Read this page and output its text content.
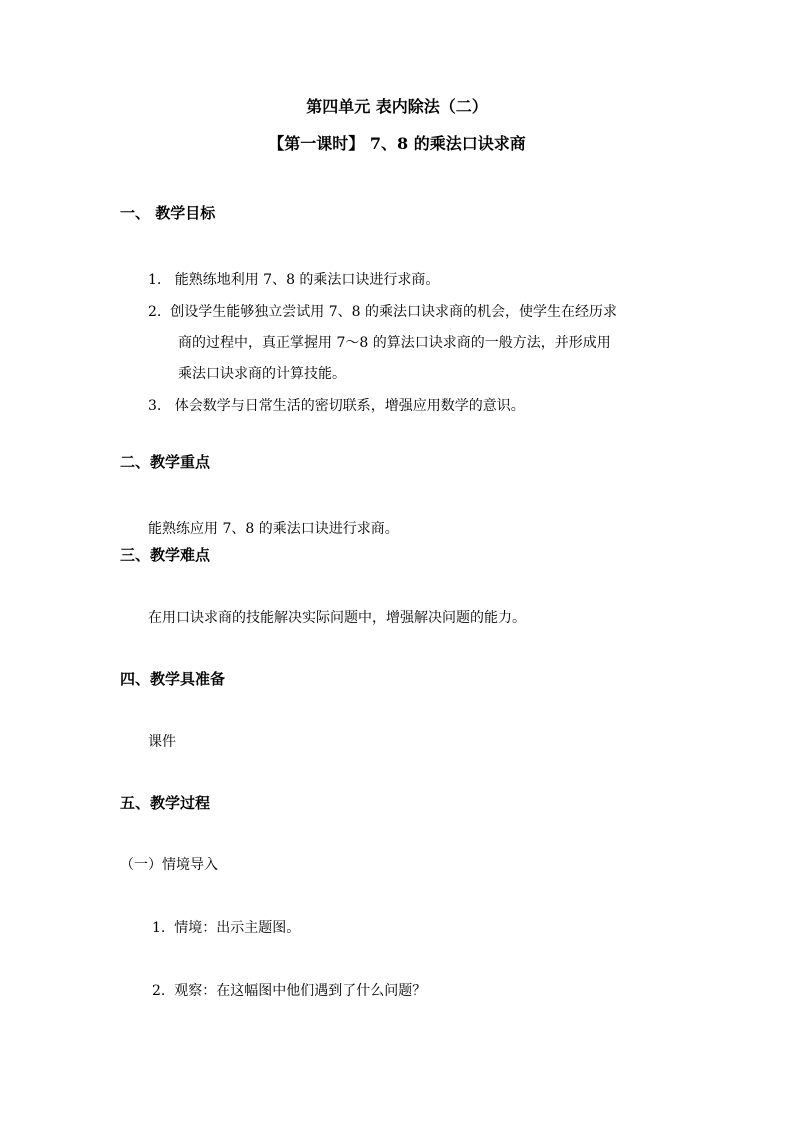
第四单元 表内除法（二）
【第一课时】 7、8 的乘法口诀求商
一、 教学目标
1. 能熟练地利用 7、8 的乘法口诀进行求商。
2. 创设学生能够独立尝试用 7、8 的乘法口诀求商的机会，使学生在经历求
商的过程中，真正掌握用 7～8 的算法口诀求商的一般方法，并形成用
乘法口诀求商的计算技能。
3. 体会数学与日常生活的密切联系，增强应用数学的意识。
二、教学重点
能熟练应用 7、8 的乘法口诀进行求商。
三、教学难点
在用口诀求商的技能解决实际问题中，增强解决问题的能力。
四、教学具准备
课件
五、教学过程
（一）情境导入
1. 情境：出示主题图。
2. 观察：在这幅图中他们遇到了什么问题？
